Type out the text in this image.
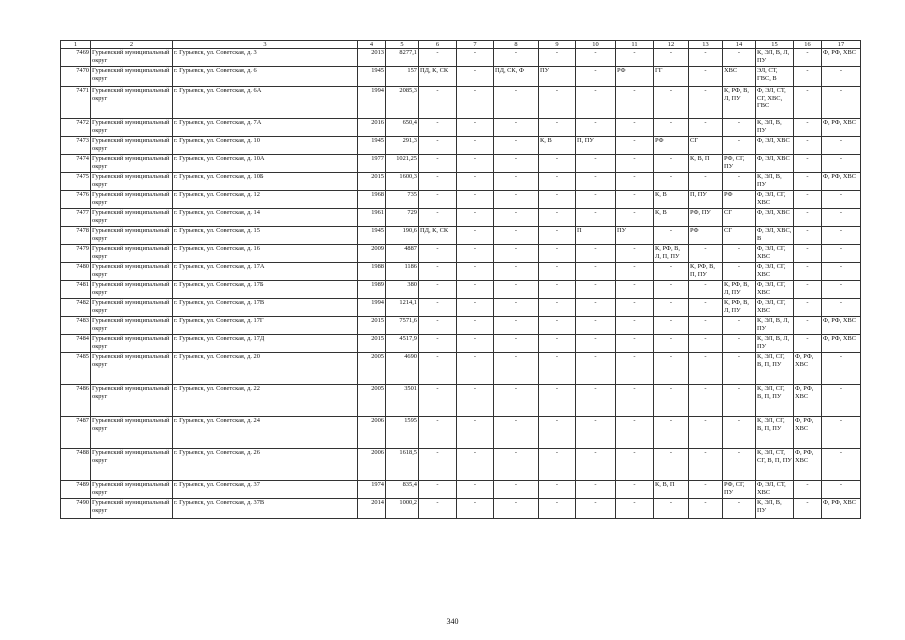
1	2	3	4	5	6	7	8	9	10	11	12	13	14	15	16	17
7469	Гурьевский муниципальный округ	г. Гурьевск, ул. Советская, д. 3	2013	8277,1	-	-	-	-	-	-	-	-	-	К, ЭЛ, В, Л, ПУ	-	Ф, РФ, ХВС
7470	Гурьевский муниципальный округ	г. Гурьевск, ул. Советская, д. 6	1945	157	ПД, К, СК	-	ПД, СК, Ф	ПУ	-	РФ	ГГ	-	ХВС	ЭЛ, СТ, ГВС, В	-	-
7471	Гурьевский муниципальный округ	г. Гурьевск, ул. Советская, д. 6А	1994	2085,3	-	-	-	-	-	-	-	-	К, РФ, В, Л, ПУ	Ф, ЭЛ, СТ, СГ, ХВС, ГВС	-	-
7472	Гурьевский муниципальный округ	г. Гурьевск, ул. Советская, д. 7А	2016	650,4	-	-	-	-	-	-	-	-	-	К, ЭЛ, В, ПУ	-	Ф, РФ, ХВС
7473	Гурьевский муниципальный округ	г. Гурьевск, ул. Советская, д. 10	1945	291,3	-	-	-	К, В	П, ПУ	-	РФ	СГ	-	Ф, ЭЛ, ХВС	-	-
7474	Гурьевский муниципальный округ	г. Гурьевск, ул. Советская, д. 10А	1977	1021,25	-	-	-	-	-	-	-	К, В, П	РФ, СГ, ПУ	Ф, ЭЛ, ХВС	-	-
7475	Гурьевский муниципальный округ	г. Гурьевск, ул. Советская, д. 10Б	2015	1600,3	-	-	-	-	-	-	-	-	-	К, ЭЛ, В, ПУ	-	Ф, РФ, ХВС
7476	Гурьевский муниципальный округ	г. Гурьевск, ул. Советская, д. 12	1968	735	-	-	-	-	-	-	К, В	П, ПУ	РФ	Ф, ЭЛ, СГ, ХВС	-	-
7477	Гурьевский муниципальный округ	г. Гурьевск, ул. Советская, д. 14	1961	729	-	-	-	-	-	-	К, В	РФ, ПУ	СГ	Ф, ЭЛ, ХВС	-	-
7478	Гурьевский муниципальный округ	г. Гурьевск, ул. Советская, д. 15	1945	190,6	ПД, К, СК	-	-	-	П	ПУ	-	РФ	СГ	Ф, ЭЛ, ХВС, В	-	-
7479	Гурьевский муниципальный округ	г. Гурьевск, ул. Советская, д. 16	2009	4887	-	-	-	-	-	-	К, РФ, В, Л, П, ПУ	-	-	Ф, ЭЛ, СГ, ХВС	-	-
7480	Гурьевский муниципальный округ	г. Гурьевск, ул. Советская, д. 17А	1988	1186	-	-	-	-	-	-	-	К, РФ, В, П, ПУ	-	Ф, ЭЛ, СГ, ХВС	-	-
7481	Гурьевский муниципальный округ	г. Гурьевск, ул. Советская, д. 17Б	1989	380	-	-	-	-	-	-	-	-	К, РФ, В, Л, ПУ	Ф, ЭЛ, СГ, ХВС	-	-
7482	Гурьевский муниципальный округ	г. Гурьевск, ул. Советская, д. 17В	1994	1214,1	-	-	-	-	-	-	-	-	К, РФ, В, Л, ПУ	Ф, ЭЛ, СГ, ХВС	-	-
7483	Гурьевский муниципальный округ	г. Гурьевск, ул. Советская, д. 17Г	2015	7571,6	-	-	-	-	-	-	-	-	-	К, ЭЛ, В, Л, ПУ	-	Ф, РФ, ХВС
7484	Гурьевский муниципальный округ	г. Гурьевск, ул. Советская, д. 17Д	2015	4517,9	-	-	-	-	-	-	-	-	-	К, ЭЛ, В, Л, ПУ	-	Ф, РФ, ХВС
7485	Гурьевский муниципальный округ	г. Гурьевск, ул. Советская, д. 20	2005	4690	-	-	-	-	-	-	-	-	-	К, ЭЛ, СГ, В, П, ПУ	Ф, РФ, ХВС	-
7486	Гурьевский муниципальный округ	г. Гурьевск, ул. Советская, д. 22	2005	3501	-	-	-	-	-	-	-	-	-	К, ЭЛ, СГ, В, П, ПУ	Ф, РФ, ХВС	-
7487	Гурьевский муниципальный округ	г. Гурьевск, ул. Советская, д. 24	2006	1595	-	-	-	-	-	-	-	-	-	К, ЭЛ, СГ, В, П, ПУ	Ф, РФ, ХВС	-
7488	Гурьевский муниципальный округ	г. Гурьевск, ул. Советская, д. 26	2006	1618,5	-	-	-	-	-	-	-	-	-	К, ЭЛ, СТ, СГ, В, П, ПУ	Ф, РФ, ХВС	-
7489	Гурьевский муниципальный округ	г. Гурьевск, ул. Советская, д. 37	1974	835,4	-	-	-	-	-	-	К, В, П	-	РФ, СГ, ПУ	Ф, ЭЛ, СТ, ХВС	-	-
7490	Гурьевский муниципальный округ	г. Гурьевск, ул. Советская, д. 37В	2014	1000,2	-	-	-	-	-	-	-	-	-	К, ЭЛ, В, ПУ	-	Ф, РФ, ХВС
340
